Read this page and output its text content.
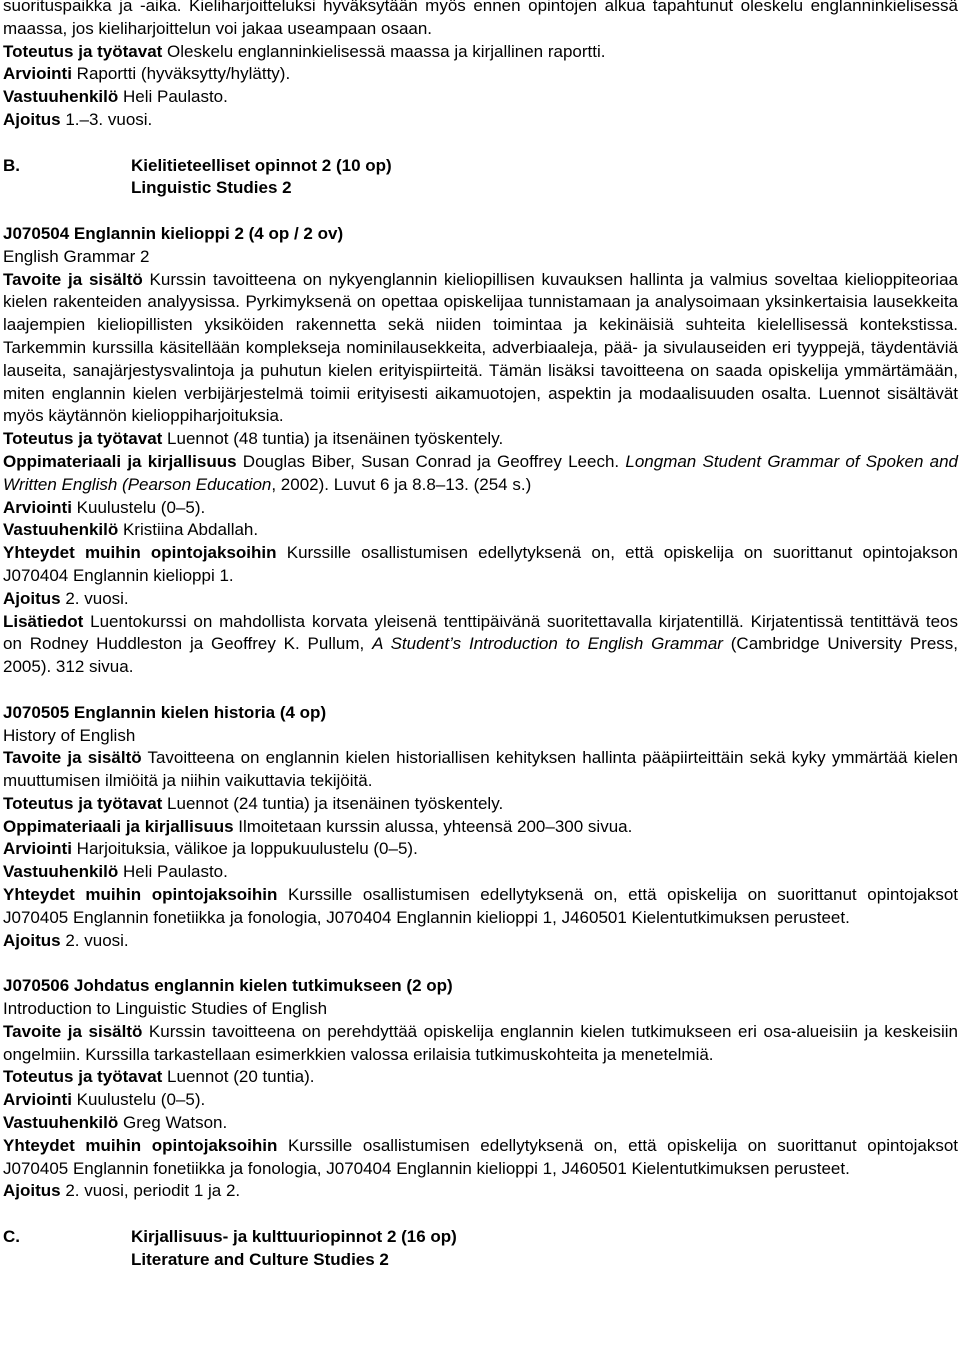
suorituspaikka ja -aika. Kieliharjoitteluksi hyväksytään myös ennen opintojen alkua tapahtunut oleskelu englanninkielisessä maassa, jos kieliharjoittelun voi jakaa useampaan osaan.

Toteutus ja työtavat Oleskelu englanninkielisessä maassa ja kirjallinen raportti.

Arviointi Raportti (hyväksytty/hylätty).

Vastuuhenkilö Heli Paulasto.

Ajoitus 1.–3. vuosi.

B.	Kielitieteelliset opinnot 2 (10 op)
Linguistic Studies 2

J070504 Englannin kielioppi 2 (4 op / 2 ov)

English Grammar 2

Tavoite ja sisältö Kurssin tavoitteena on nykyenglannin kieliopillisen kuvauksen hallinta ja valmius soveltaa kielioppiteoriaa kielen rakenteiden analyysissa. Pyrkimyksenä on opettaa opiskelijaa tunnistamaan ja analysoimaan yksinkertaisia lausekkeita laajempien kieliopillisten yksiköiden rakennetta sekä niiden toimintaa ja kekinäisiä suhteita kielellisessä kontekstissa. Tarkemmin kurssilla käsitellään komplekseja nominilausekkeita, adverbiaaleja, pää- ja sivulauseiden eri tyyppejä, täydentäviä lauseita, sanajärjestysvalintoja ja puhutun kielen erityispiirteitä. Tämän lisäksi tavoitteena on saada opiskelija ymmärtämään, miten englannin kielen verbijärjestelmä toimii erityisesti aikamuotojen, aspektin ja modaalisuuden osalta. Luennot sisältävät myös käytännön kielioppiharjoituksia.

Toteutus ja työtavat Luennot (48 tuntia) ja itsenäinen työskentely.

Oppimateriaali ja kirjallisuus Douglas Biber, Susan Conrad ja Geoffrey Leech. Longman Student Grammar of Spoken and Written English (Pearson Education, 2002). Luvut 6 ja 8.8–13. (254 s.)

Arviointi Kuulustelu (0–5).

Vastuuhenkilö Kristiina Abdallah.

Yhteydet muihin opintojaksoihin Kurssille osallistumisen edellytyksenä on, että opiskelija on suorittanut opintojakson J070404 Englannin kielioppi 1.

Ajoitus 2. vuosi.

Lisätiedot Luentokurssi on mahdollista korvata yleisenä tenttipäivänä suoritettavalla kirjatentillä. Kirjatentissä tentittävä teos on Rodney Huddleston ja Geoffrey K. Pullum, A Student’s Introduction to English Grammar (Cambridge University Press, 2005). 312 sivua.

J070505 Englannin kielen historia (4 op)

History of English

Tavoite ja sisältö Tavoitteena on englannin kielen historiallisen kehityksen hallinta pääpiirteittäin sekä kyky ymmärtää kielen muuttumisen ilmiöitä ja niihin vaikuttavia tekijöitä.

Toteutus ja työtavat Luennot (24 tuntia) ja itsenäinen työskentely.

Oppimateriaali ja kirjallisuus Ilmoitetaan kurssin alussa, yhteensä 200–300 sivua.

Arviointi Harjoituksia, välikoe ja loppukuulustelu (0–5).

Vastuuhenkilö Heli Paulasto.

Yhteydet muihin opintojaksoihin Kurssille osallistumisen edellytyksenä on, että opiskelija on suorittanut opintojaksot J070405 Englannin fonetiikka ja fonologia, J070404 Englannin kielioppi 1, J460501 Kielentutkimuksen perusteet.

Ajoitus 2. vuosi.

J070506 Johdatus englannin kielen tutkimukseen (2 op)

Introduction to Linguistic Studies of English

Tavoite ja sisältö Kurssin tavoitteena on perehdyttää opiskelija englannin kielen tutkimukseen eri osa-alueisiin ja keskeisiin ongelmiin. Kurssilla tarkastellaan esimerkkien valossa erilaisia tutkimuskohteita ja menetelmiä.

Toteutus ja työtavat Luennot (20 tuntia).

Arviointi Kuulustelu (0–5).

Vastuuhenkilö Greg Watson.

Yhteydet muihin opintojaksoihin Kurssille osallistumisen edellytyksenä on, että opiskelija on suorittanut opintojaksot J070405 Englannin fonetiikka ja fonologia, J070404 Englannin kielioppi 1, J460501 Kielentutkimuksen perusteet.

Ajoitus 2. vuosi, periodit 1 ja 2.

C.	Kirjallisuus- ja kulttuuriopinnot 2 (16 op)
Literature and Culture Studies 2
